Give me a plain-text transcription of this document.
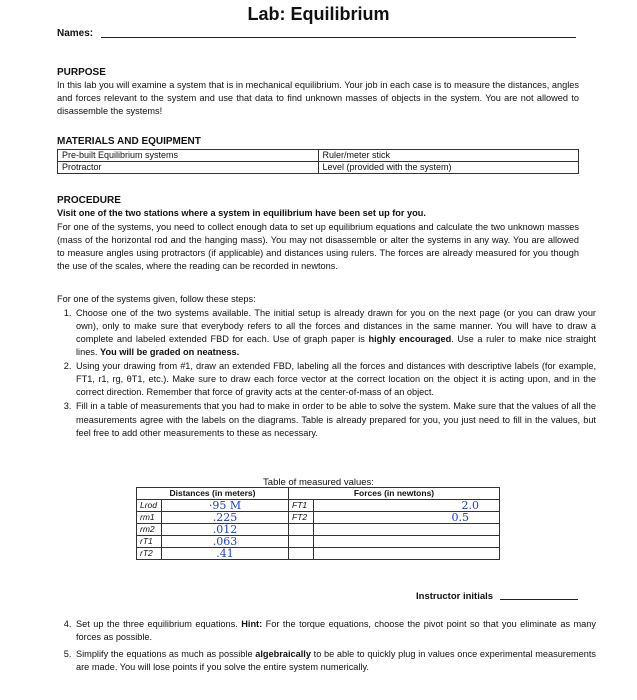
Lab: Equilibrium
Names:
PURPOSE
In this lab you will examine a system that is in mechanical equilibrium. Your job in each case is to measure the distances, angles and forces relevant to the system and use that data to find unknown masses of objects in the system. You are not allowed to disassemble the systems!
MATERIALS AND EQUIPMENT
Pre-built Equilibrium systems	Ruler/meter stick
Protractor	Level (provided with the system)
PROCEDURE
Visit one of the two stations where a system in equilibrium have been set up for you.
For one of the systems, you need to collect enough data to set up equilibrium equations and calculate the two unknown masses (mass of the horizontal rod and the hanging mass). You may not disassemble or alter the systems in any way. You are allowed to measure angles using protractors (if applicable) and distances using rulers. The forces are already measured for you though the use of the scales, where the reading can be recorded in newtons.
For one of the systems given, follow these steps:
1. Choose one of the two systems available. The initial setup is already drawn for you on the next page (or you can draw your own), only to make sure that everybody refers to all the forces and distances in the same manner. You will have to draw a complete and labeled extended FBD for each. Use of graph paper is highly encouraged. Use a ruler to make nice straight lines. You will be graded on neatness.
2. Using your drawing from #1, draw an extended FBD, labeling all the forces and distances with descriptive labels (for example, FT1, r1, rg, θT1, etc.). Make sure to draw each force vector at the correct location on the object it is acting upon, and in the correct direction. Remember that force of gravity acts at the center-of-mass of an object.
3. Fill in a table of measurements that you had to make in order to be able to solve the system. Make sure that the values of all the measurements agree with the labels on the diagrams. Table is already prepared for you, you just need to fill in the values, but feel free to add other measurements to these as necessary.
Table of measured values:
Distances (in meters)		Forces (in newtons)	
Lrod	·95 M	FT1	2.0
rm1	.225	FT2	0.5
rm2	.012		
rT1	.063		
rT2	.41		
Instructor initials
4. Set up the three equilibrium equations. Hint: For the torque equations, choose the pivot point so that you eliminate as many forces as possible.
5. Simplify the equations as much as possible algebraically to be able to quickly plug in values once experimental measurements are made. You will lose points if you solve the entire system numerically.
